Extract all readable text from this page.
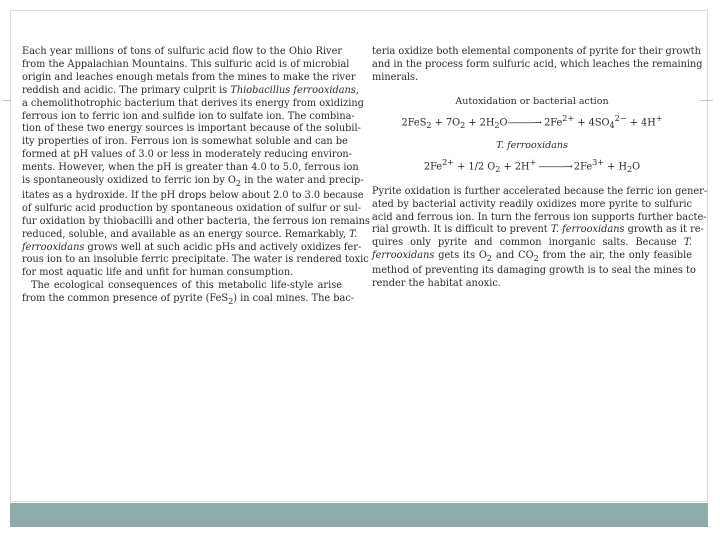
Each year millions of tons of sulfuric acid flow to the Ohio River
from the Appalachian Mountains. This sulfuric acid is of microbial
origin and leaches enough metals from the mines to make the river
reddish and acidic. The primary culprit is Thiobacillus ferrooxidans,
a chemolithotrophic bacterium that derives its energy from oxidizing
ferrous ion to ferric ion and sulfide ion to sulfate ion. The combina-
tion of these two energy sources is important because of the solubil-
ity properties of iron. Ferrous ion is somewhat soluble and can be
formed at pH values of 3.0 or less in moderately reducing environ-
ments. However, when the pH is greater than 4.0 to 5.0, ferrous ion
is spontaneously oxidized to ferric ion by $O_2$ in the water and precip-
itates as a hydroxide. If the pH drops below about 2.0 to 3.0 because
of sulfuric acid production by spontaneous oxidation of sulfur or sul-
fur oxidation by thiobacilli and other bacteria, the ferrous ion remains
reduced, soluble, and available as an energy source. Remarkably, T.
ferrooxidans grows well at such acidic pHs and actively oxidizes fer-
rous ion to an insoluble ferric precipitate. The water is rendered toxic
for most aquatic life and unfit for human consumption.
The ecological consequences of this metabolic life-style arise
from the common presence of pyrite (FeS$_2$) in coal mines. The bac-
teria oxidize both elemental components of pyrite for their growth
and in the process form sulfuric acid, which leaches the remaining
minerals.
Autoxidation or bacterial action
$2FeS_2 + 7O_2$ + $2H_2O———\to 2Fe^{2+} + 4SO_4^{2-} + 4H^+$
T. ferrooxidans
$2Fe^{2+} + 1/2$ $O_2 + 2H^+$ ———→ $2Fe^{3+} + H_2O$
Pyrite oxidation is further accelerated because the ferric ion gener-
ated by bacterial activity readily oxidizes more pyrite to sulfuric
acid and ferrous ion. In turn the ferrous ion supports further bacte-
rial growth. It is difficult to prevent T. ferrooxidans growth as it re-
quires only pyrite and common inorganic salts. Because T.
ferrooxidans gets its $O_2$ and $CO_2$ from the air, the only feasible
method of preventing its damaging growth is to seal the mines to
render the habitat anoxic.
